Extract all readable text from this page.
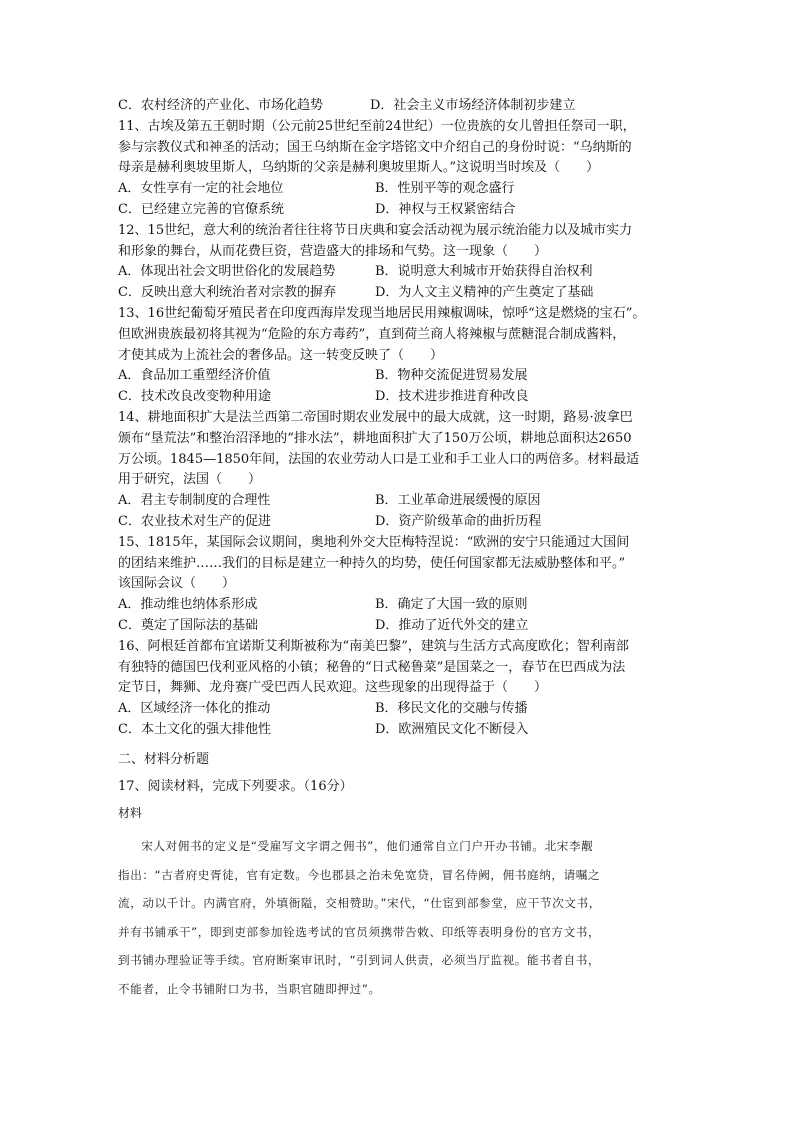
C．农村经济的产业化、市场化趋势	D．社会主义市场经济体制初步建立
11、古埃及第五王朝时期（公元前25世纪至前24世纪）一位贵族的女儿曾担任祭司一职，
参与宗教仪式和神圣的活动；国王乌纳斯在金字塔铭文中介绍自己的身份时说：“乌纳斯的
母亲是赫利奥坡里斯人，乌纳斯的父亲是赫利奥坡里斯人。”这说明当时埃及（　　）
A．女性享有一定的社会地位	B．性别平等的观念盛行
C．已经建立完善的官僚系统	D．神权与王权紧密结合
12、15世纪，意大利的统治者往往将节日庆典和宴会活动视为展示统治能力以及城市实力
和形象的舞台，从而花费巨资，营造盛大的排场和气势。这一现象（　　）
A．体现出社会文明世俗化的发展趋势	B．说明意大利城市开始获得自治权利
C．反映出意大利统治者对宗教的摒弃	D．为人文主义精神的产生奠定了基础
13、16世纪葡萄牙殖民者在印度西海岸发现当地居民用辣椒调味，惊呼“这是燃烧的宝石”。
但欧洲贵族最初将其视为“危险的东方毒药”，直到荷兰商人将辣椒与蔗糖混合制成酱料，
才使其成为上流社会的奢侈品。这一转变反映了（　　）
A．食品加工重塑经济价值	B．物种交流促进贸易发展
C．技术改良改变物种用途	D．技术进步推进育种改良
14、耕地面积扩大是法兰西第二帝国时期农业发展中的最大成就，这一时期，路易·波拿巴
颁布“垦荒法”和整治沼泽地的“排水法”，耕地面积扩大了150万公顷，耕地总面积达2650
万公顷。1845—1850年间，法国的农业劳动人口是工业和手工业人口的两倍多。材料最适
用于研究，法国（　　）
A．君主专制制度的合理性	B．工业革命进展缓慢的原因
C．农业技术对生产的促进	D．资产阶级革命的曲折历程
15、1815年，某国际会议期间，奥地利外交大臣梅特涅说：“欧洲的安宁只能通过大国间
的团结来维护……我们的目标是建立一种持久的均势，使任何国家都无法威胁整体和平。”
该国际会议（　　）
A．推动维也纳体系形成	B．确定了大国一致的原则
C．奠定了国际法的基础	D．推动了近代外交的建立
16、阿根廷首都布宜诺斯艾利斯被称为“南美巴黎”，建筑与生活方式高度欧化；智利南部
有独特的德国巴伐利亚风格的小镇；秘鲁的“日式秘鲁菜”是国菜之一，春节在巴西成为法
定节日，舞狮、龙舟赛广受巴西人民欢迎。这些现象的出现得益于（　　）
A．区域经济一体化的推动	B．移民文化的交融与传播
C．本土文化的强大排他性	D．欧洲殖民文化不断侵入
二、材料分析题
17、阅读材料，完成下列要求。（16分）
材料
宋人对佣书的定义是“受雇写文字谓之佣书”，他们通常自立门户开办书铺。北宋李觏
指出：“古者府史胥徒，官有定数。今也郡县之治未免宽贷，冒名侍阙，佣书庭纳，请嘱之
流，动以千计。内满官府，外填衙隘，交相赞助。”宋代，“仕宦到部参堂，应干节次文书，
并有书铺承干”，即到吏部参加铨选考试的官员须携带告敕、印纸等表明身份的官方文书，
到书铺办理验证等手续。官府断案审讯时，“引到词人供责，必须当厅监视。能书者自书，
不能者，止令书铺附口为书，当职官随即押过”。
